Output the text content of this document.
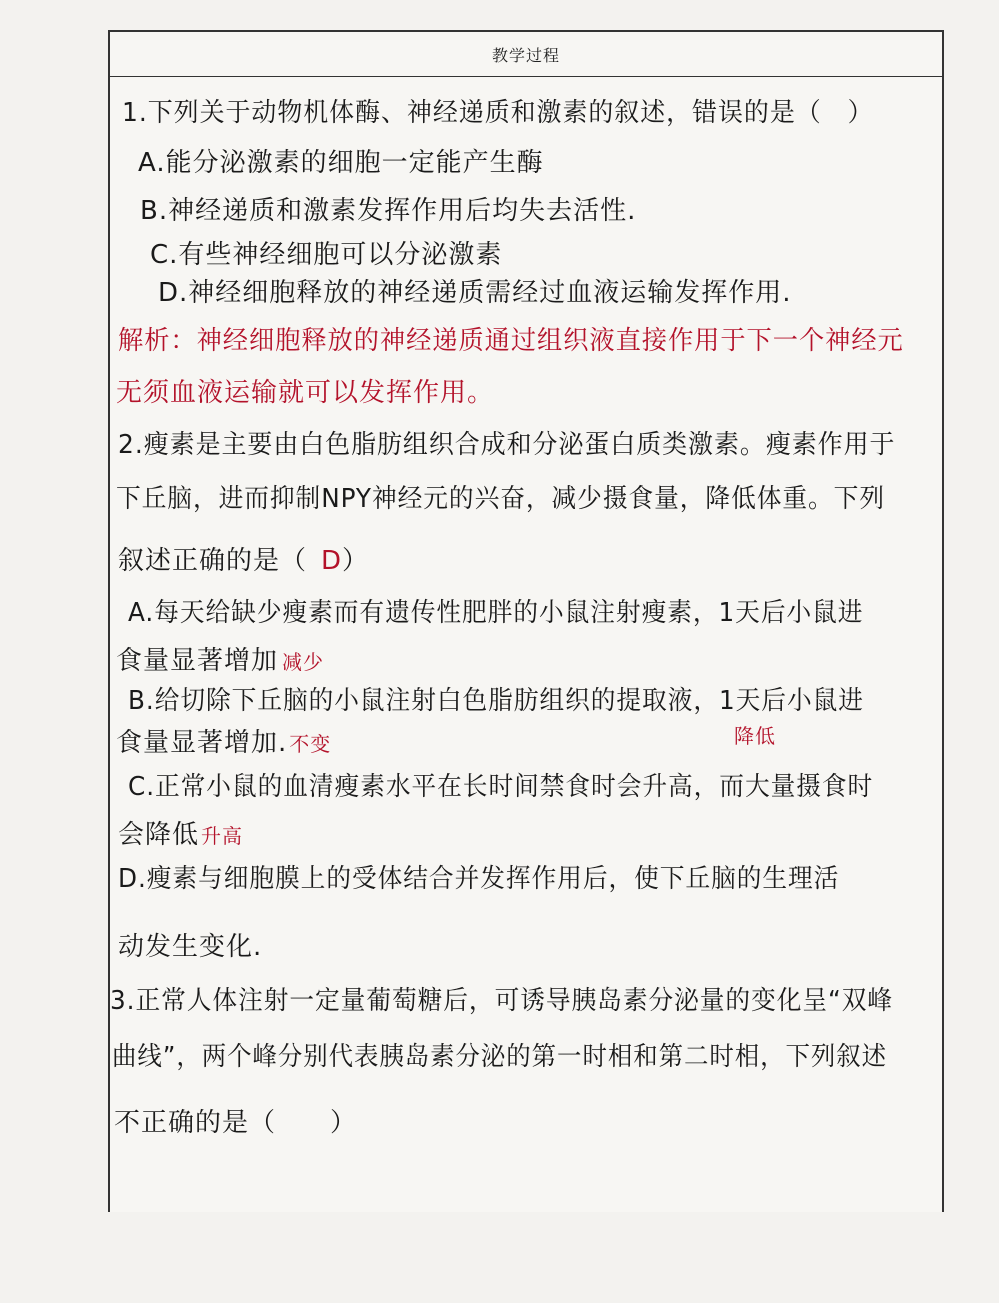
教学过程
1.下列关于动物机体酶、神经递质和激素的叙述，错误的是（　）
A.能分泌激素的细胞一定能产生酶
B.神经递质和激素发挥作用后均失去活性.
C.有些神经细胞可以分泌激素
D.神经细胞释放的神经递质需经过血液运输发挥作用.
解析：神经细胞释放的神经递质通过组织液直接作用于下一个神经元
无须血液运输就可以发挥作用。
2.瘦素是主要由白色脂肪组织合成和分泌蛋白质类激素。瘦素作用于
下丘脑，进而抑制NPY神经元的兴奋，减少摄食量，降低体重。下列
叙述正确的是（ D）
A.每天给缺少瘦素而有遗传性肥胖的小鼠注射瘦素，1天后小鼠进
食量显著增加 减少
B.给切除下丘脑的小鼠注射白色脂肪组织的提取液，1天后小鼠进
食量显著增加. 不变	降低
C.正常小鼠的血清瘦素水平在长时间禁食时会升高，而大量摄食时
会降低 升高
D.瘦素与细胞膜上的受体结合并发挥作用后，使下丘脑的生理活
动发生变化.
3.正常人体注射一定量葡萄糖后，可诱导胰岛素分泌量的变化呈“双峰
曲线”，两个峰分别代表胰岛素分泌的第一时相和第二时相，下列叙述
不正确的是（　　）
